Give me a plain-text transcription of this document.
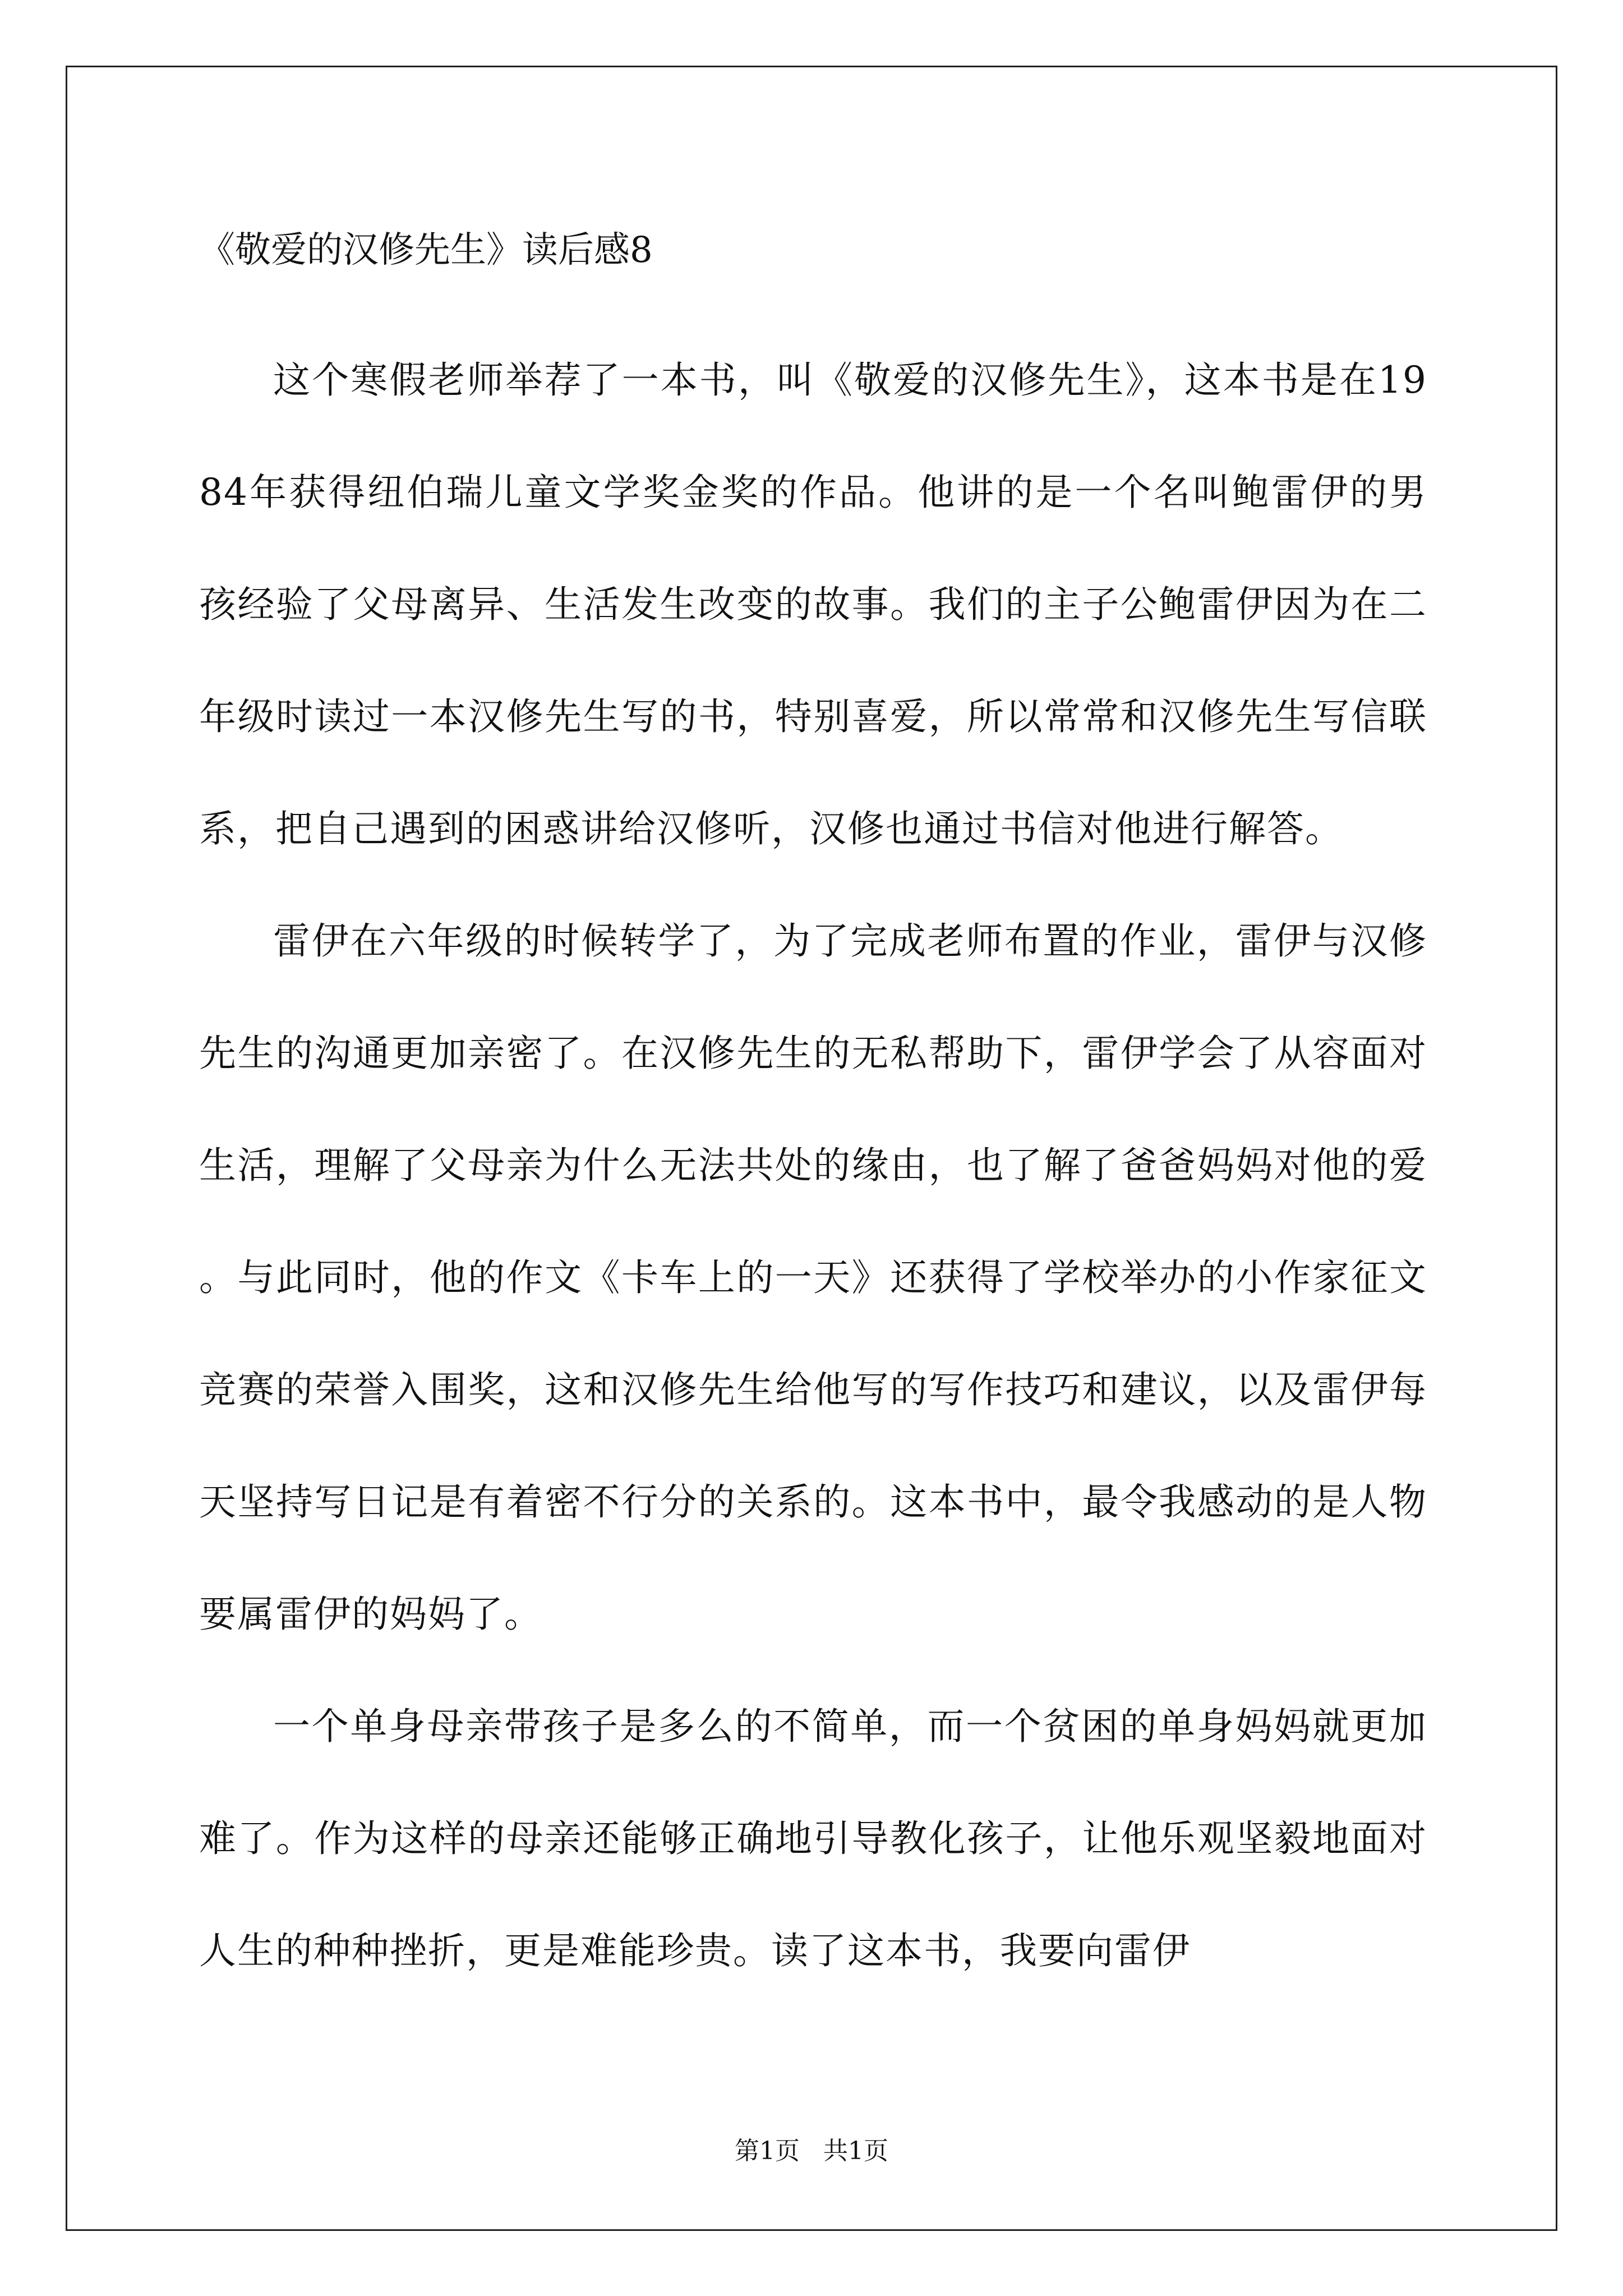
《敬爱的汉修先生》读后感8

这个寒假老师举荐了一本书，叫《敬爱的汉修先生》，这本书是在1984年获得纽伯瑞儿童文学奖金奖的作品。他讲的是一个名叫鲍雷伊的男孩经验了父母离异、生活发生改变的故事。我们的主子公鲍雷伊因为在二年级时读过一本汉修先生写的书，特别喜爱，所以常常和汉修先生写信联系，把自己遇到的困惑讲给汉修听，汉修也通过书信对他进行解答。

雷伊在六年级的时候转学了，为了完成老师布置的作业，雷伊与汉修先生的沟通更加亲密了。在汉修先生的无私帮助下，雷伊学会了从容面对生活，理解了父母亲为什么无法共处的缘由，也了解了爸爸妈妈对他的爱。与此同时，他的作文《卡车上的一天》还获得了学校举办的小作家征文竞赛的荣誉入围奖，这和汉修先生给他写的写作技巧和建议，以及雷伊每天坚持写日记是有着密不行分的关系的。这本书中，最令我感动的是人物要属雷伊的妈妈了。

一个单身母亲带孩子是多么的不简单，而一个贫困的单身妈妈就更加难了。作为这样的母亲还能够正确地引导教化孩子，让他乐观坚毅地面对人生的种种挫折，更是难能珍贵。读了这本书，我要向雷伊

第1页   共1页
